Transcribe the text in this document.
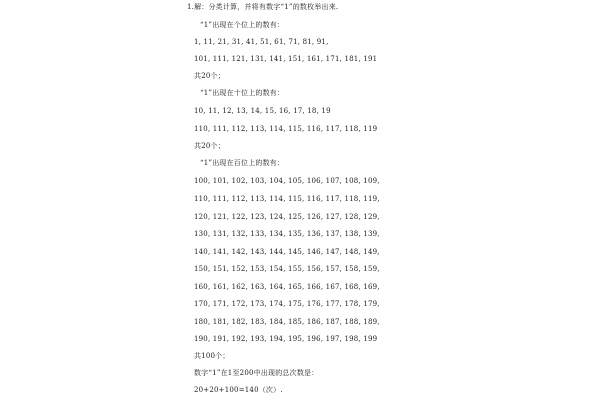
1.解：分类计算，并将有数字“1”的数枚举出来.
“1”出现在个位上的数有：
1, 11, 21, 31, 41, 51, 61, 71, 81, 91,
101, 111, 121, 131, 141, 151, 161, 171, 181, 191
共20个；
“1”出现在十位上的数有：
10, 11, 12, 13, 14, 15, 16, 17, 18, 19
110, 111, 112, 113, 114, 115, 116, 117, 118, 119
共20个；
“1”出现在百位上的数有：
100, 101, 102, 103, 104, 105, 106, 107, 108, 109,
110, 111, 112, 113, 114, 115, 116, 117, 118, 119,
120, 121, 122, 123, 124, 125, 126, 127, 128, 129,
130, 131, 132, 133, 134, 135, 136, 137, 138, 139,
140, 141, 142, 143, 144, 145, 146, 147, 148, 149,
150, 151, 152, 153, 154, 155, 156, 157, 158, 159,
160, 161, 162, 163, 164, 165, 166, 167, 168, 169,
170, 171, 172, 173, 174, 175, 176, 177, 178, 179,
180, 181, 182, 183, 184, 185, 186, 187, 188, 189,
190, 191, 192, 193, 194, 195, 196, 197, 198, 199
共100个；
数字“1”在1至200中出现的总次数是：
20+20+100=140（次）.
